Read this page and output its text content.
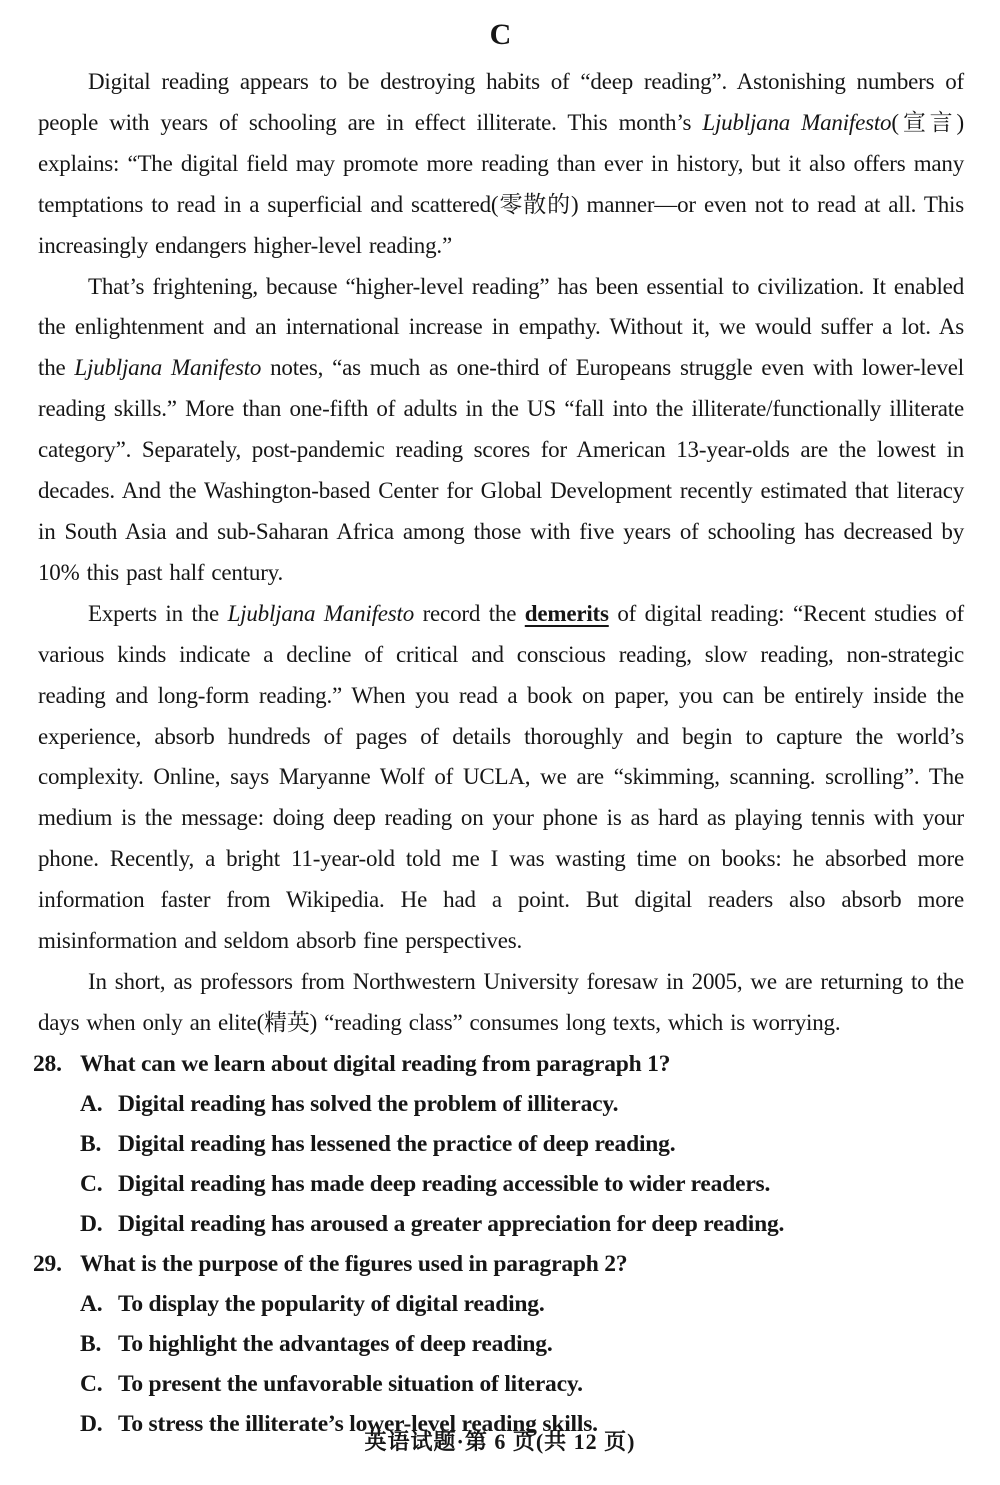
C

Digital reading appears to be destroying habits of “deep reading”. Astonishing numbers of people with years of schooling are in effect illiterate. This month’s Ljubljana Manifesto(宣言) explains: “The digital field may promote more reading than ever in history, but it also offers many temptations to read in a superficial and scattered(零散的) manner—or even not to read at all. This increasingly endangers higher-level reading.”

That’s frightening, because “higher-level reading” has been essential to civilization. It enabled the enlightenment and an international increase in empathy. Without it, we would suffer a lot. As the Ljubljana Manifesto notes, “as much as one-third of Europeans struggle even with lower-level reading skills.” More than one-fifth of adults in the US “fall into the illiterate/functionally illiterate category”. Separately, post-pandemic reading scores for American 13-year-olds are the lowest in decades. And the Washington-based Center for Global Development recently estimated that literacy in South Asia and sub-Saharan Africa among those with five years of schooling has decreased by 10% this past half century.

Experts in the Ljubljana Manifesto record the demerits of digital reading: “Recent studies of various kinds indicate a decline of critical and conscious reading, slow reading, non-strategic reading and long-form reading.” When you read a book on paper, you can be entirely inside the experience, absorb hundreds of pages of details thoroughly and begin to capture the world’s complexity. Online, says Maryanne Wolf of UCLA, we are “skimming, scanning. scrolling”. The medium is the message: doing deep reading on your phone is as hard as playing tennis with your phone. Recently, a bright 11-year-old told me I was wasting time on books: he absorbed more information faster from Wikipedia. He had a point. But digital readers also absorb more misinformation and seldom absorb fine perspectives.

In short, as professors from Northwestern University foresaw in 2005, we are returning to the days when only an elite(精英) “reading class” consumes long texts, which is worrying.

28. What can we learn about digital reading from paragraph 1?
A. Digital reading has solved the problem of illiteracy.
B. Digital reading has lessened the practice of deep reading.
C. Digital reading has made deep reading accessible to wider readers.
D. Digital reading has aroused a greater appreciation for deep reading.
29. What is the purpose of the figures used in paragraph 2?
A. To display the popularity of digital reading.
B. To highlight the advantages of deep reading.
C. To present the unfavorable situation of literacy.
D. To stress the illiterate’s lower-level reading skills.
英语试题·第 6 页(共 12 页)
